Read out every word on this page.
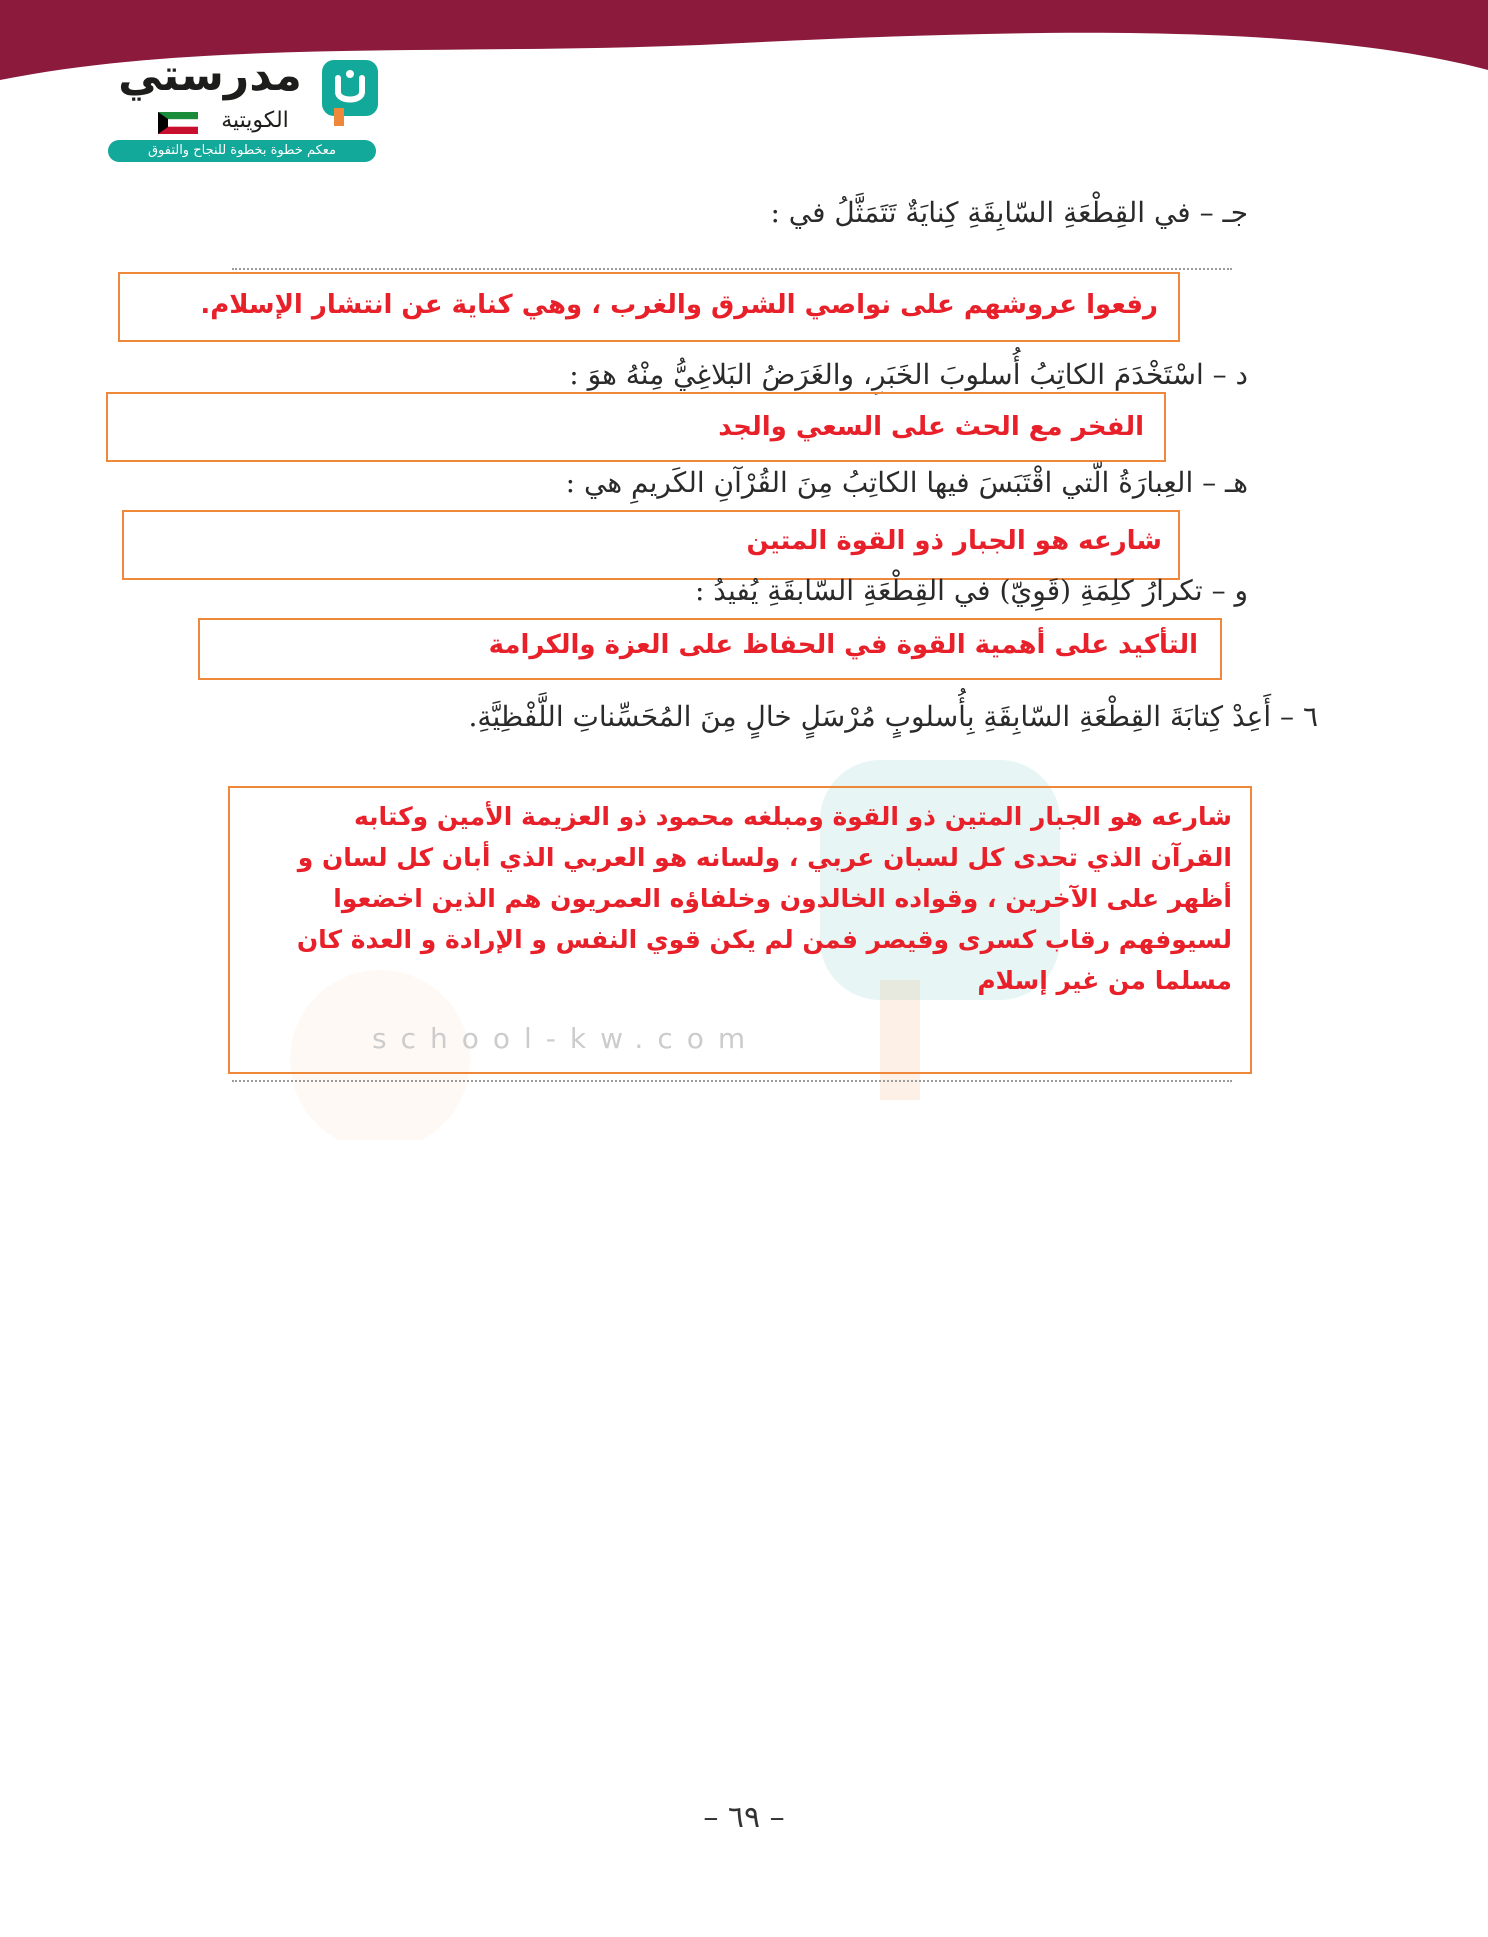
مدرستي
الكويتية
معكم خطوة بخطوة للنجاح والتفوق
school-kw.com
جـ – في القِطْعَةِ السّابِقَةِ كِنايَةٌ تَتَمَثَّلُ في :
رفعوا عروشهم على نواصي الشرق والغرب ، وهي كناية عن انتشار الإسلام.
د – اسْتَخْدَمَ الكاتِبُ أُسلوبَ الخَبَرِ، والغَرَضُ البَلاغِيُّ مِنْهُ هوَ :
الفخر مع الحث على السعي والجد
هـ – العِبارَةُ الّتي اقْتَبَسَ فيها الكاتِبُ مِنَ القُرْآنِ الكَريمِ هي :
شارعه هو الجبار ذو القوة المتين
و – تكرارُ كلِمَةِ (قَوِيّ) في القِطْعَةِ السّابقَةِ يُفيدُ :
التأكيد على أهمية القوة في الحفاظ على العزة والكرامة
٦ – أَعِدْ كِتابَةَ القِطْعَةِ السّابِقَةِ بِأُسلوبٍ مُرْسَلٍ خالٍ مِنَ المُحَسِّناتِ اللَّفْظِيَّةِ.
شارعه هو الجبار المتين ذو القوة ومبلغه محمود ذو العزيمة الأمين وكتابه
القرآن الذي تحدى كل لسبان عربي ، ولسانه هو العربي الذي أبان كل لسان و
أظهر على الآخرين ، وقواده الخالدون وخلفاؤه العمريون هم الذين اخضعوا
لسيوفهم رقاب كسرى وقيصر فمن لم يكن قوي النفس و الإرادة و العدة كان
مسلما من غير إسلام
– ٦٩ –
